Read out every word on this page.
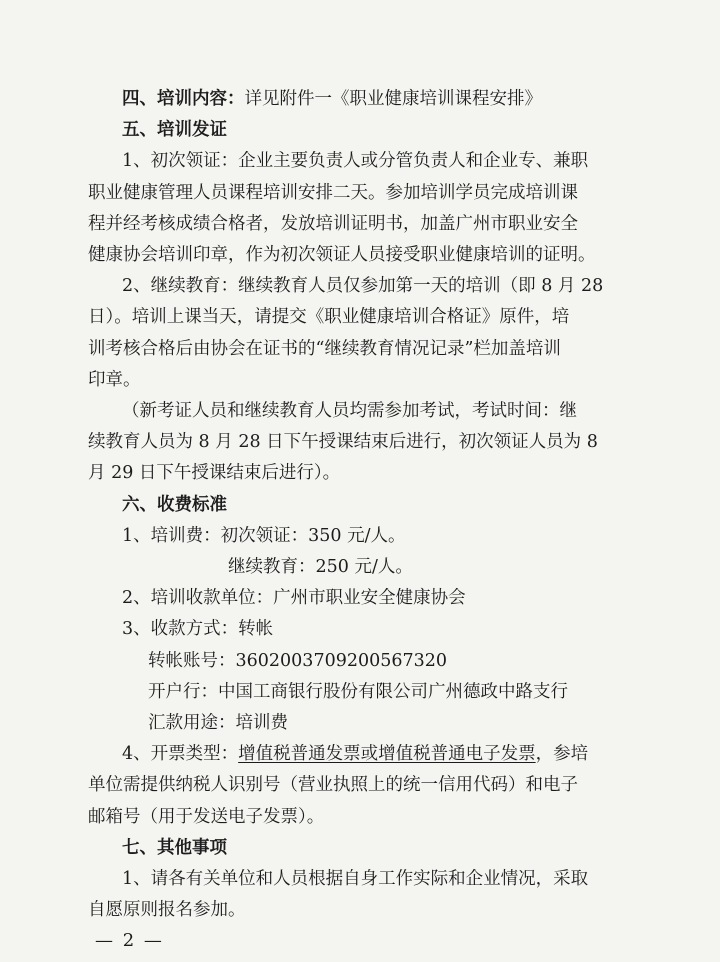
四、培训内容：详见附件一《职业健康培训课程安排》
五、培训发证
1、初次领证：企业主要负责人或分管负责人和企业专、兼职
职业健康管理人员课程培训安排二天。参加培训学员完成培训课
程并经考核成绩合格者，发放培训证明书，加盖广州市职业安全
健康协会培训印章，作为初次领证人员接受职业健康培训的证明。
2、继续教育：继续教育人员仅参加第一天的培训（即 8 月 28
日）。培训上课当天，请提交《职业健康培训合格证》原件，培
训考核合格后由协会在证书的“继续教育情况记录”栏加盖培训
印章。
（新考证人员和继续教育人员均需参加考试，考试时间：继
续教育人员为 8 月 28 日下午授课结束后进行，初次领证人员为 8
月 29 日下午授课结束后进行）。
六、收费标准
1、培训费：初次领证：350 元/人。
继续教育：250 元/人。
2、培训收款单位：广州市职业安全健康协会
3、收款方式：转帐
转帐账号：3602003709200567320
开户行：中国工商银行股份有限公司广州德政中路支行
汇款用途：培训费
4、开票类型：增值税普通发票或增值税普通电子发票，参培
单位需提供纳税人识别号（营业执照上的统一信用代码）和电子
邮箱号（用于发送电子发票）。
七、其他事项
1、请各有关单位和人员根据自身工作实际和企业情况，采取
自愿原则报名参加。
— 2 —
